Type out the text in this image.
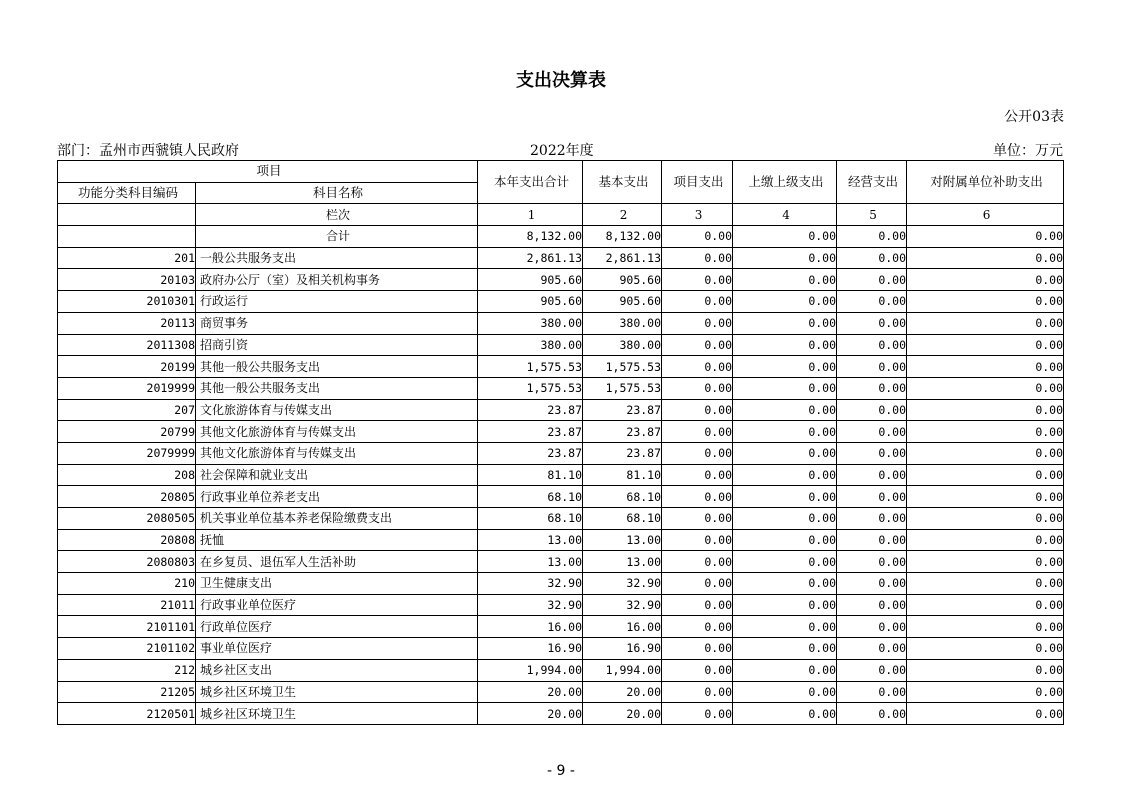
支出决算表
公开03表
部门：孟州市西虢镇人民政府	2022年度	单位：万元
项目		本年支出合计	基本支出	项目支出	上缴上级支出	经营支出	对附属单位补助支出
功能分类科目编码	科目名称						
	栏次	1	2	3	4	5	6
	合计	8,132.00	8,132.00	0.00	0.00	0.00	0.00
201	一般公共服务支出	2,861.13	2,861.13	0.00	0.00	0.00	0.00
20103	政府办公厅（室）及相关机构事务	905.60	905.60	0.00	0.00	0.00	0.00
2010301	行政运行	905.60	905.60	0.00	0.00	0.00	0.00
20113	商贸事务	380.00	380.00	0.00	0.00	0.00	0.00
2011308	招商引资	380.00	380.00	0.00	0.00	0.00	0.00
20199	其他一般公共服务支出	1,575.53	1,575.53	0.00	0.00	0.00	0.00
2019999	其他一般公共服务支出	1,575.53	1,575.53	0.00	0.00	0.00	0.00
207	文化旅游体育与传媒支出	23.87	23.87	0.00	0.00	0.00	0.00
20799	其他文化旅游体育与传媒支出	23.87	23.87	0.00	0.00	0.00	0.00
2079999	其他文化旅游体育与传媒支出	23.87	23.87	0.00	0.00	0.00	0.00
208	社会保障和就业支出	81.10	81.10	0.00	0.00	0.00	0.00
20805	行政事业单位养老支出	68.10	68.10	0.00	0.00	0.00	0.00
2080505	机关事业单位基本养老保险缴费支出	68.10	68.10	0.00	0.00	0.00	0.00
20808	抚恤	13.00	13.00	0.00	0.00	0.00	0.00
2080803	在乡复员、退伍军人生活补助	13.00	13.00	0.00	0.00	0.00	0.00
210	卫生健康支出	32.90	32.90	0.00	0.00	0.00	0.00
21011	行政事业单位医疗	32.90	32.90	0.00	0.00	0.00	0.00
2101101	行政单位医疗	16.00	16.00	0.00	0.00	0.00	0.00
2101102	事业单位医疗	16.90	16.90	0.00	0.00	0.00	0.00
212	城乡社区支出	1,994.00	1,994.00	0.00	0.00	0.00	0.00
21205	城乡社区环境卫生	20.00	20.00	0.00	0.00	0.00	0.00
2120501	城乡社区环境卫生	20.00	20.00	0.00	0.00	0.00	0.00
- 9 -
